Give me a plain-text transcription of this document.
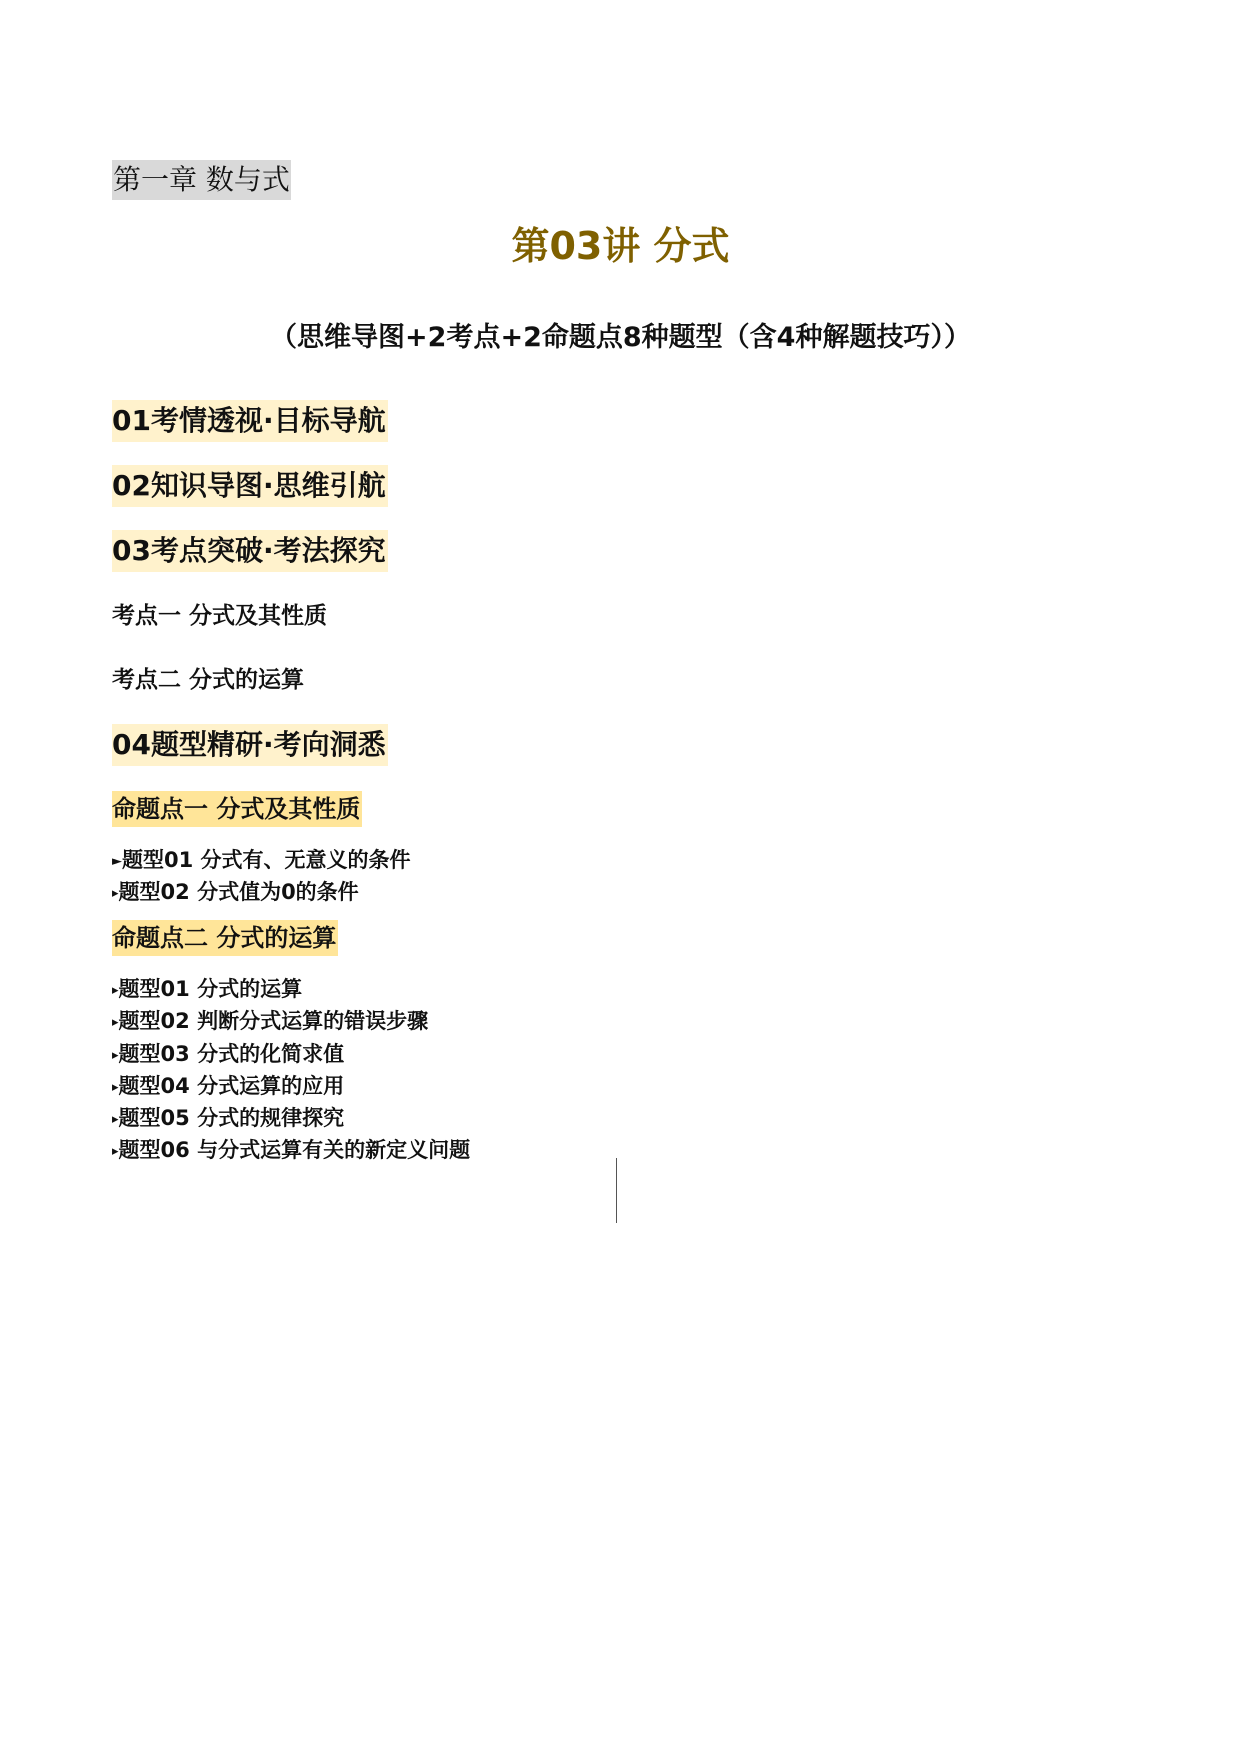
第一章 数与式
第03讲 分式
（思维导图+2考点+2命题点8种题型（含4种解题技巧））
01考情透视·目标导航
02知识导图·思维引航
03考点突破·考法探究
考点一 分式及其性质
考点二 分式的运算
04题型精研·考向洞悉
命题点一 分式及其性质
►题型01 分式有、无意义的条件
▸题型02 分式值为0的条件
命题点二 分式的运算
▸题型01 分式的运算
▸题型02 判断分式运算的错误步骤
▸题型03 分式的化简求值
▸题型04 分式运算的应用
▸题型05 分式的规律探究
▸题型06 与分式运算有关的新定义问题
